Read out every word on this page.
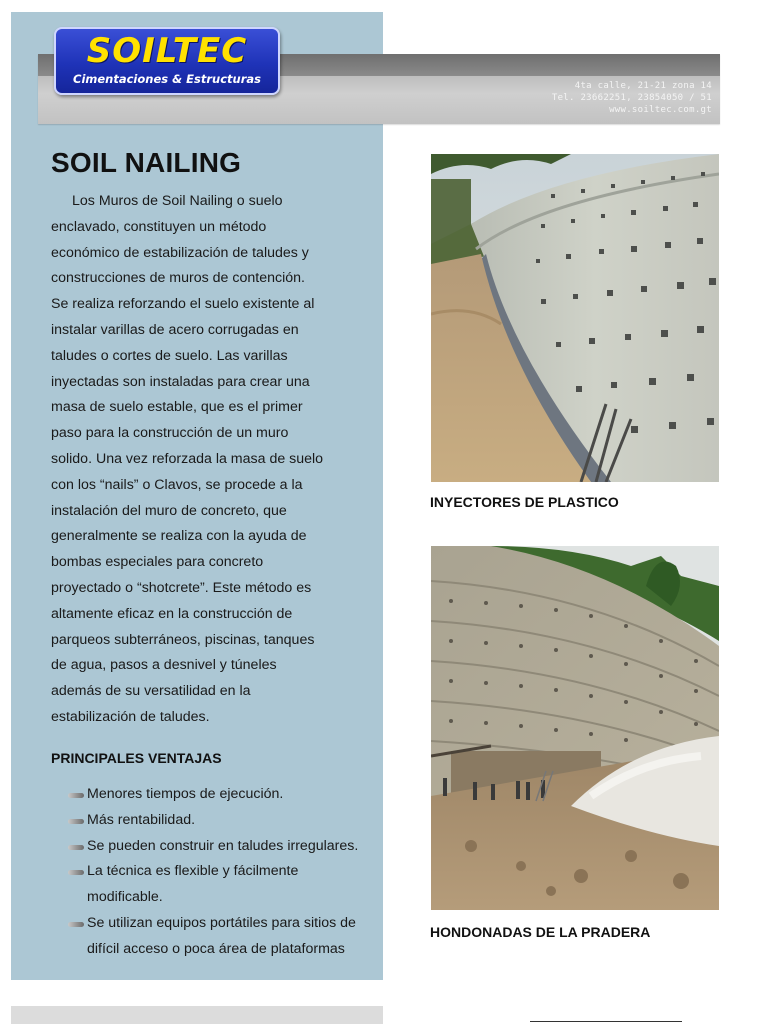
4ta calle, 21-21 zona 14
Tel. 23662251, 23854050 / 51
www.soiltec.com.gt
SOILTEC
Cimentaciones & Estructuras
SOIL NAILING

Los Muros de Soil Nailing o suelo
enclavado, constituyen un método
económico de estabilización de taludes y
construcciones de muros de contención.
Se realiza reforzando el suelo existente al
instalar varillas de acero corrugadas en
taludes o cortes de suelo. Las varillas
inyectadas son instaladas para crear una
masa de suelo estable, que es el primer
paso para la construcción de un muro
solido. Una vez reforzada la masa de suelo
con los “nails” o Clavos, se procede a la
instalación del muro de concreto, que
generalmente se realiza con la ayuda de
bombas especiales para concreto
proyectado o “shotcrete”. Este método es
altamente eficaz en la construcción de
parqueos subterráneos, piscinas, tanques
de agua, pasos a desnivel y túneles
además de su versatilidad en la
estabilización de taludes.

PRINCIPALES VENTAJAS
Menores tiempos de ejecución.
Más rentabilidad.
Se pueden construir en taludes irregulares.
La técnica es flexible y fácilmente
modificable.
Se utilizan equipos portátiles para sitios de
difícil acceso o poca área de plataformas

INYECTORES DE PLASTICO

HONDONADAS DE LA PRADERA
